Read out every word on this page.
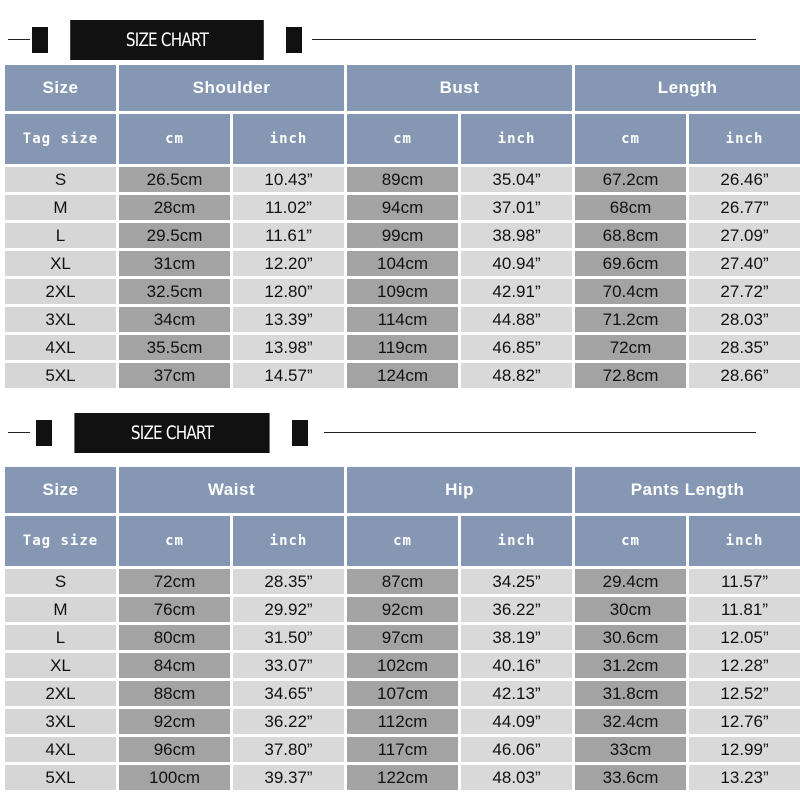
SIZE CHART
Size	Shoulder		Bust		Length	
Tag size	cm	inch	cm	inch	cm	inch
S	26.5cm	10.43”	89cm	35.04”	67.2cm	26.46”
M	28cm	11.02”	94cm	37.01”	68cm	26.77”
L	29.5cm	11.61”	99cm	38.98”	68.8cm	27.09”
XL	31cm	12.20”	104cm	40.94”	69.6cm	27.40”
2XL	32.5cm	12.80”	109cm	42.91”	70.4cm	27.72”
3XL	34cm	13.39”	114cm	44.88”	71.2cm	28.03”
4XL	35.5cm	13.98”	119cm	46.85”	72cm	28.35”
5XL	37cm	14.57”	124cm	48.82”	72.8cm	28.66”
SIZE CHART
Size	Waist		Hip		Pants Length	
Tag size	cm	inch	cm	inch	cm	inch
S	72cm	28.35”	87cm	34.25”	29.4cm	11.57”
M	76cm	29.92”	92cm	36.22”	30cm	11.81”
L	80cm	31.50”	97cm	38.19”	30.6cm	12.05”
XL	84cm	33.07”	102cm	40.16”	31.2cm	12.28”
2XL	88cm	34.65”	107cm	42.13”	31.8cm	12.52”
3XL	92cm	36.22”	112cm	44.09”	32.4cm	12.76”
4XL	96cm	37.80”	117cm	46.06”	33cm	12.99”
5XL	100cm	39.37”	122cm	48.03”	33.6cm	13.23”
